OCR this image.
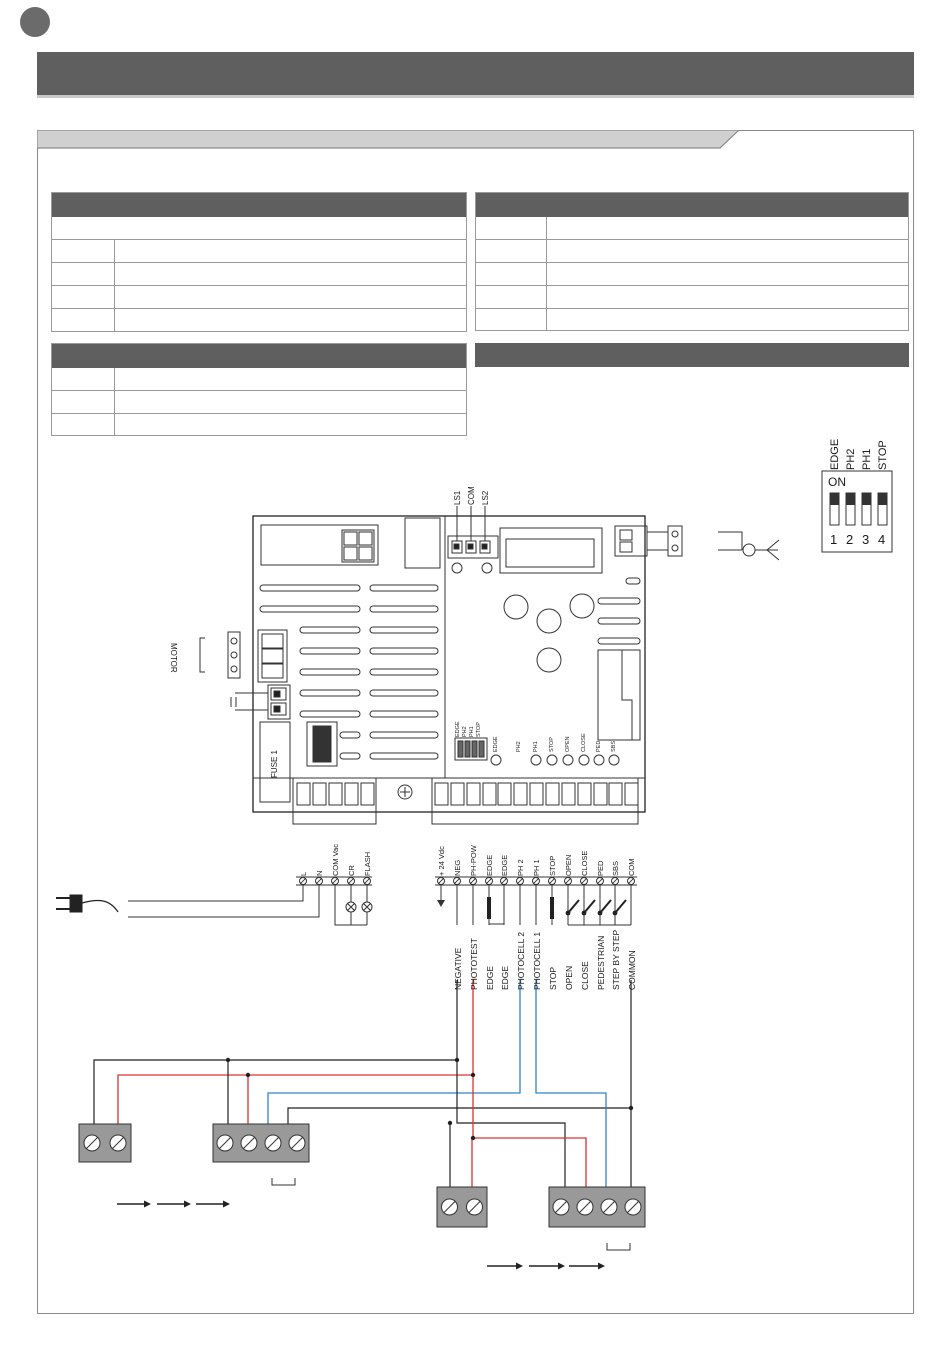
MOTOR
FUSE 1
LS1 COM LS2
EDGE PH2 PH1 STOP
ON
1 2 3 4
EDGE PH2 PH1 STOP
EDGE	PH2 PH1 STOP OPEN CLOSE PED SBS
L N COM Vac CR FLASH	+ 24 Vdc NEG PH-POW EDGE EDGE PH 2 PH 1 STOP OPEN CLOSE PED SBS COM
NEGATIVE PHOTOTEST EDGE EDGE PHOTOCELL 2 PHOTOCELL 1 STOP OPEN CLOSE PEDESTRIAN STEP BY STEP COMMON
